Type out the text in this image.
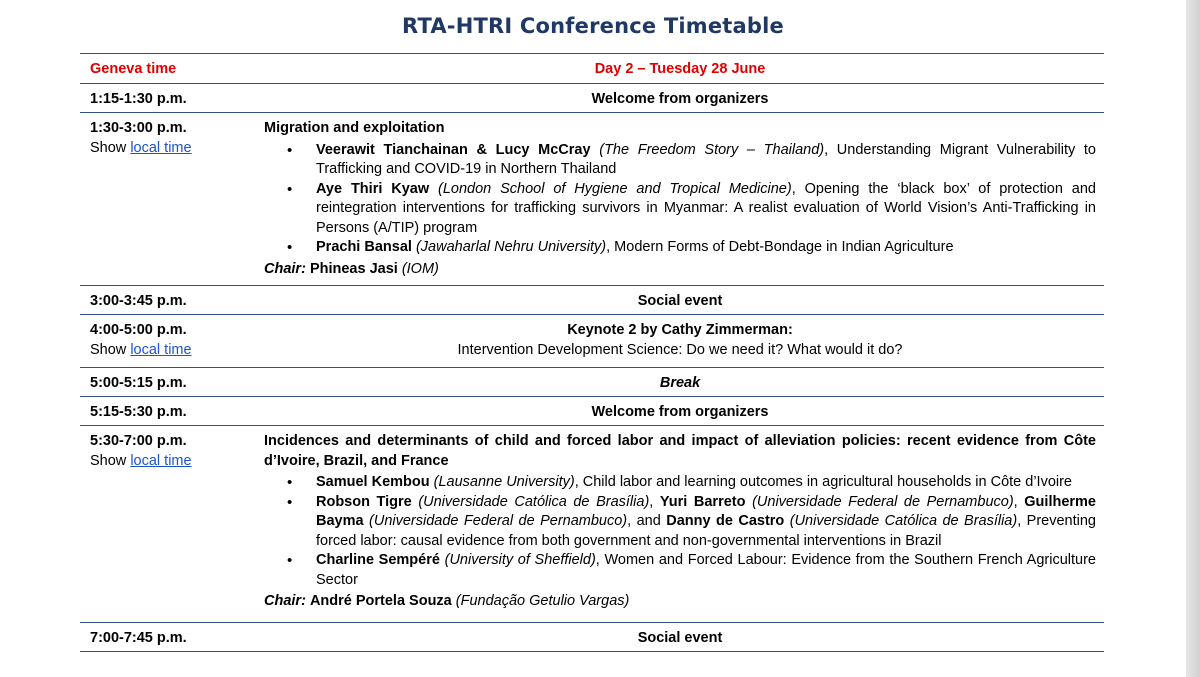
RTA-HTRI Conference Timetable
Geneva time	Day 2 – Tuesday 28 June
1:15-1:30 p.m.	Welcome from organizers
1:30-3:00 p.m.
Show local time
Migration and exploitation
• Veerawit Tianchainan & Lucy McCray (The Freedom Story – Thailand), Understanding Migrant Vulnerability to Trafficking and COVID-19 in Northern Thailand
• Aye Thiri Kyaw (London School of Hygiene and Tropical Medicine), Opening the ‘black box’ of protection and reintegration interventions for trafficking survivors in Myanmar: A realist evaluation of World Vision’s Anti-Trafficking in Persons (A/TIP) program
• Prachi Bansal (Jawaharlal Nehru University), Modern Forms of Debt-Bondage in Indian Agriculture
Chair: Phineas Jasi (IOM)
3:00-3:45 p.m.	Social event
4:00-5:00 p.m.
Show local time
Keynote 2 by Cathy Zimmerman:
Intervention Development Science: Do we need it? What would it do?
5:00-5:15 p.m.	Break
5:15-5:30 p.m.	Welcome from organizers
5:30-7:00 p.m.
Show local time
Incidences and determinants of child and forced labor and impact of alleviation policies: recent evidence from Côte d’Ivoire, Brazil, and France
• Samuel Kembou (Lausanne University), Child labor and learning outcomes in agricultural households in Côte d’Ivoire
• Robson Tigre (Universidade Católica de Brasília), Yuri Barreto (Universidade Federal de Pernambuco), Guilherme Bayma (Universidade Federal de Pernambuco), and Danny de Castro (Universidade Católica de Brasília), Preventing forced labor: causal evidence from both government and non-governmental interventions in Brazil
• Charline Sempéré (University of Sheffield), Women and Forced Labour: Evidence from the Southern French Agriculture Sector
Chair: André Portela Souza (Fundação Getulio Vargas)
7:00-7:45 p.m.	Social event
